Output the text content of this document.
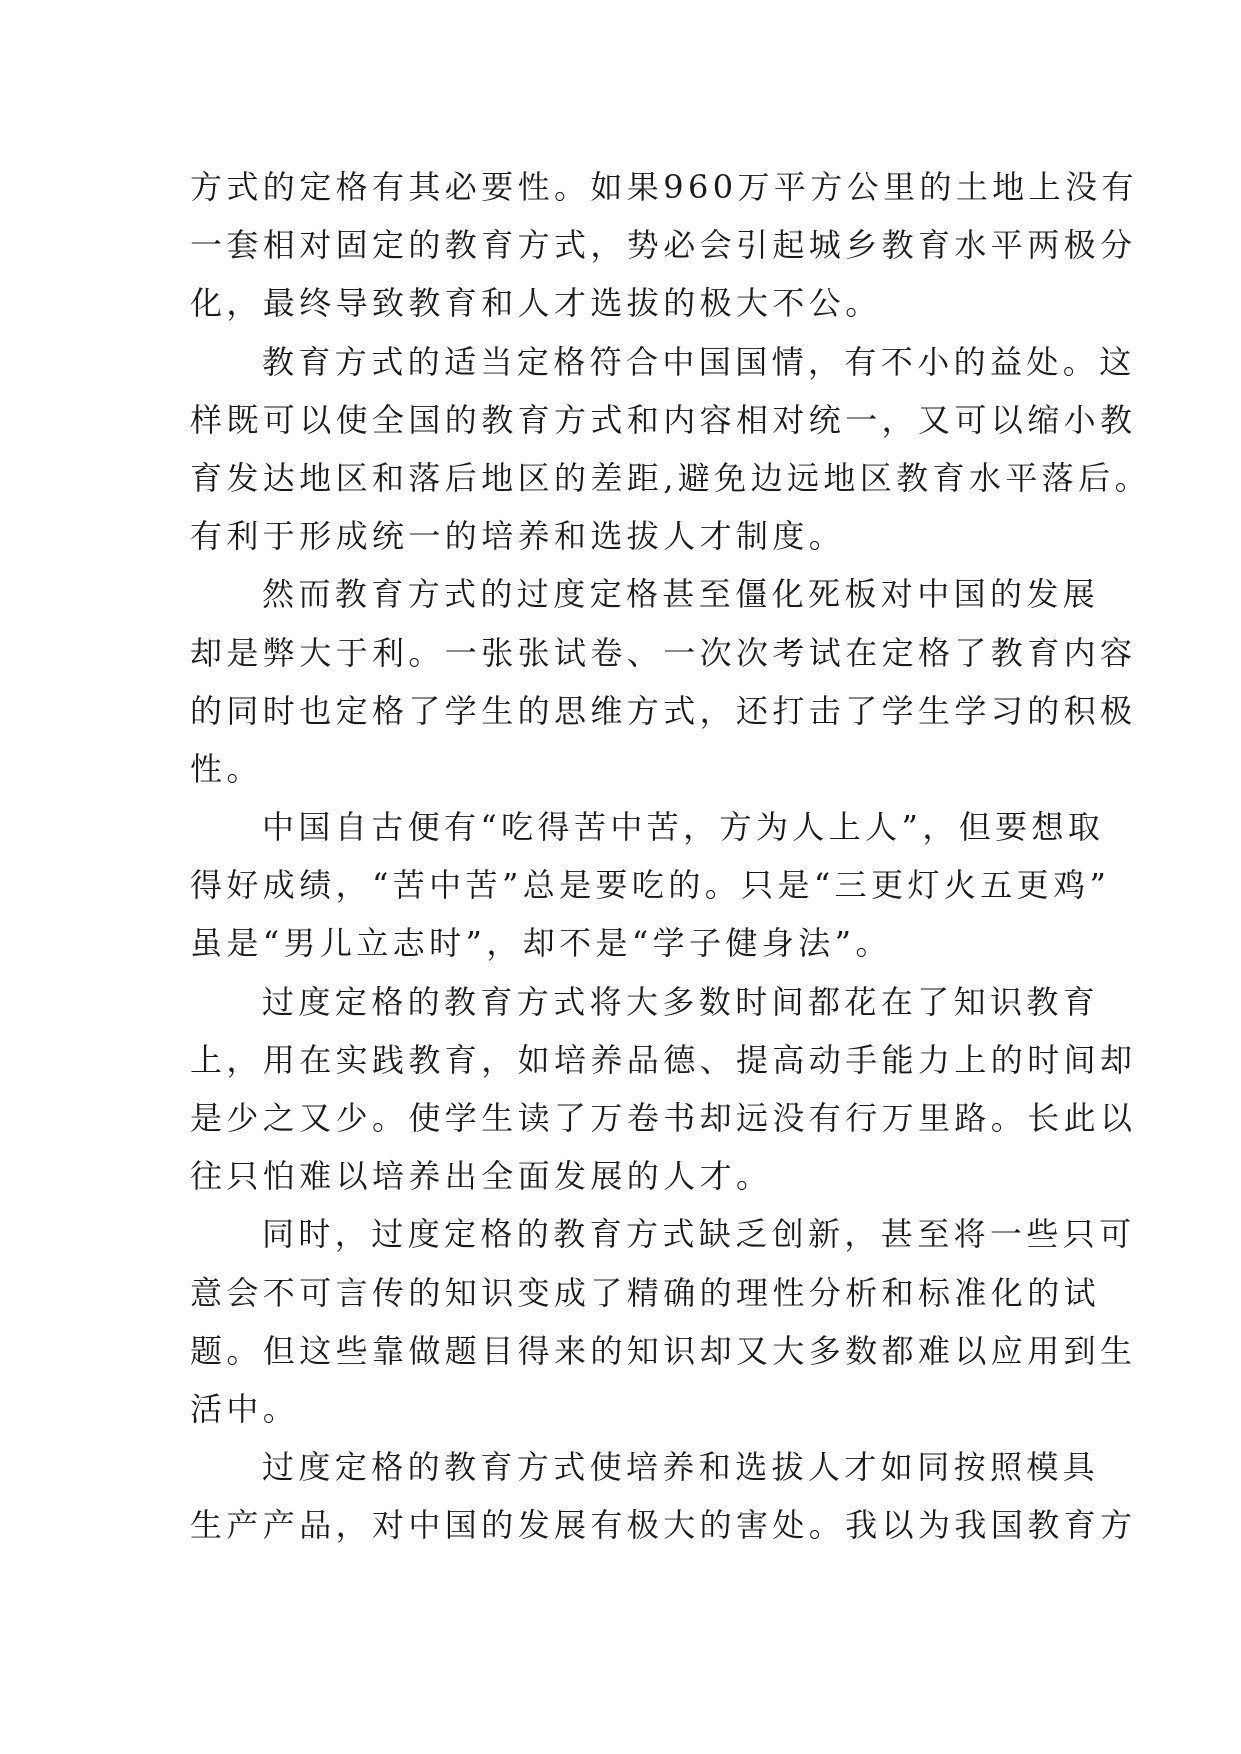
方式的定格有其必要性。如果960万平方公里的土地上没有
一套相对固定的教育方式，势必会引起城乡教育水平两极分
化，最终导致教育和人才选拔的极大不公。
教育方式的适当定格符合中国国情，有不小的益处。这
样既可以使全国的教育方式和内容相对统一，又可以缩小教
育发达地区和落后地区的差距,避免边远地区教育水平落后。
有利于形成统一的培养和选拔人才制度。
然而教育方式的过度定格甚至僵化死板对中国的发展
却是弊大于利。一张张试卷、一次次考试在定格了教育内容
的同时也定格了学生的思维方式，还打击了学生学习的积极
性。
中国自古便有“吃得苦中苦，方为人上人”，但要想取
得好成绩，“苦中苦”总是要吃的。只是“三更灯火五更鸡”
虽是“男儿立志时”，却不是“学子健身法”。
过度定格的教育方式将大多数时间都花在了知识教育
上，用在实践教育，如培养品德、提高动手能力上的时间却
是少之又少。使学生读了万卷书却远没有行万里路。长此以
往只怕难以培养出全面发展的人才。
同时，过度定格的教育方式缺乏创新，甚至将一些只可
意会不可言传的知识变成了精确的理性分析和标准化的试
题。但这些靠做题目得来的知识却又大多数都难以应用到生
活中。
过度定格的教育方式使培养和选拔人才如同按照模具
生产产品，对中国的发展有极大的害处。我以为我国教育方
